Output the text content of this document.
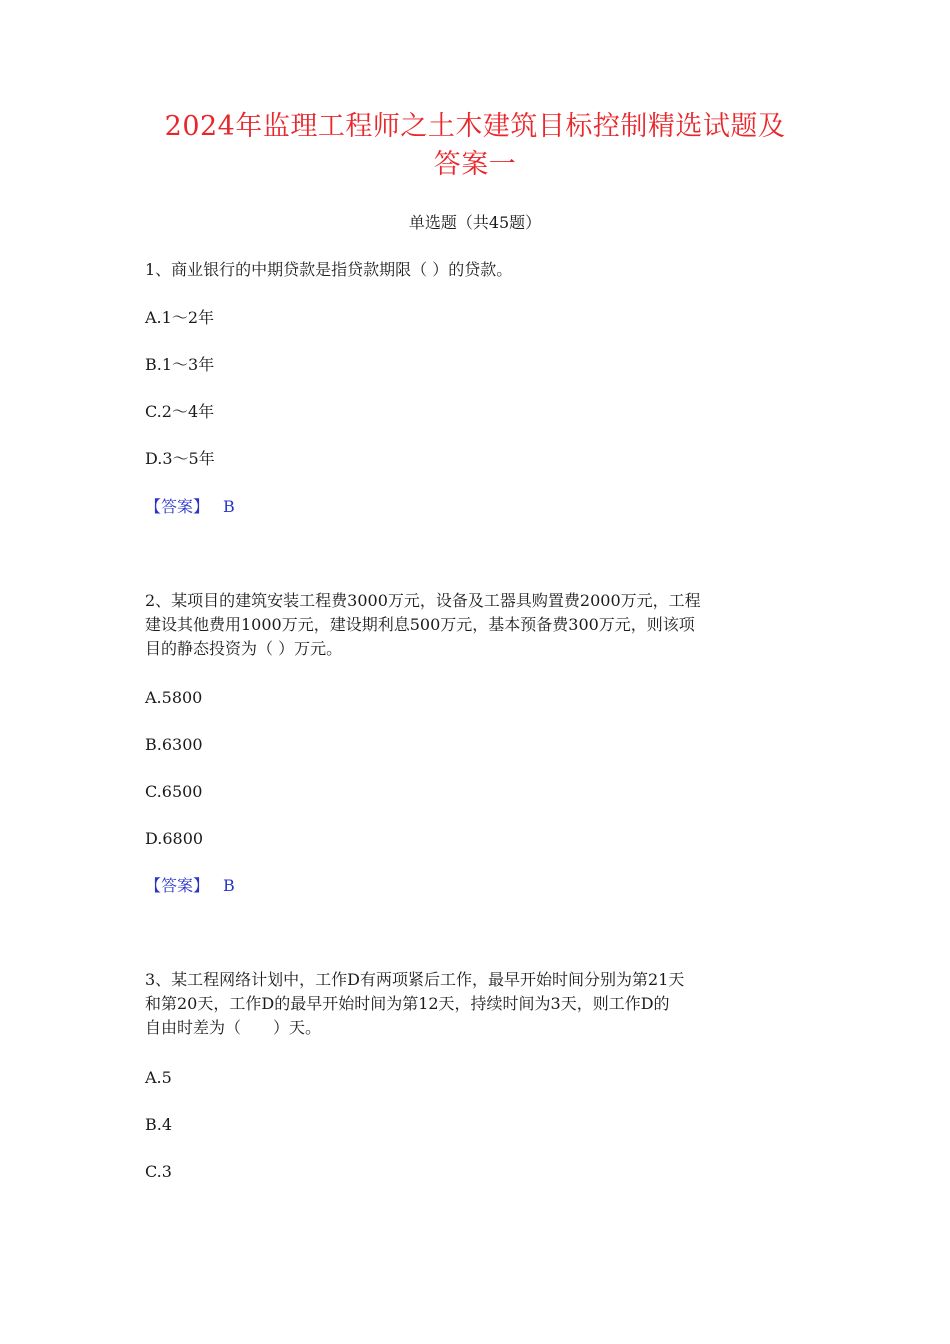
2024年监理工程师之土木建筑目标控制精选试题及
答案一
单选题（共45题）
1、商业银行的中期贷款是指贷款期限（ ）的贷款。
A.1～2年
B.1～3年
C.2～4年
D.3～5年
【答案】 B
2、某项目的建筑安装工程费3000万元，设备及工器具购置费2000万元，工程
建设其他费用1000万元，建设期利息500万元，基本预备费300万元，则该项
目的静态投资为（ ）万元。
A.5800
B.6300
C.6500
D.6800
【答案】 B
3、某工程网络计划中，工作D有两项紧后工作，最早开始时间分别为第21天
和第20天，工作D的最早开始时间为第12天，持续时间为3天，则工作D的
自由时差为（　　）天。
A.5
B.4
C.3
